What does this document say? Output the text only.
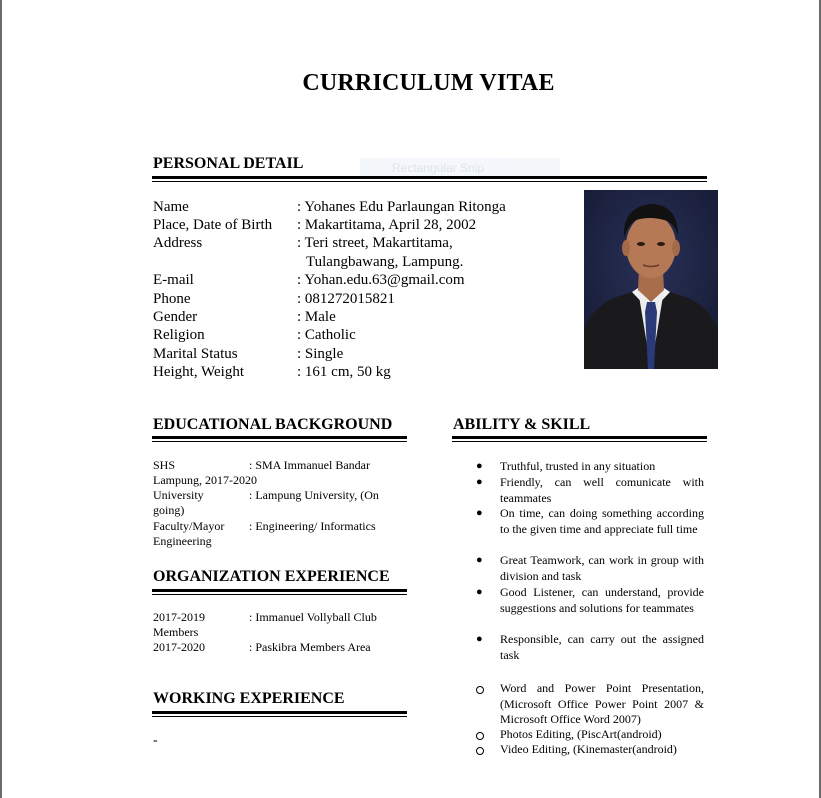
CURRICULUM VITAE
PERSONAL DETAIL	Rectangular Snip
Name	: Yohanes Edu Parlaungan Ritonga
Place, Date of Birth : Makartitama, April 28, 2002
Address	: Teri street, Makartitama,
Tulangbawang, Lampung.
E-mail	: Yohan.edu.63@gmail.com
Phone	: 081272015821
Gender	: Male
Religion	: Catholic
Marital Status	: Single
Height, Weight	: 161 cm, 50 kg
EDUCATIONAL BACKGROUND
SHS	: SMA Immanuel Bandar
Lampung, 2017-2020
University	: Lampung University, (On
going)
Faculty/Mayor : Engineering/ Informatics
Engineering
ORGANIZATION EXPERIENCE
2017-2019	: Immanuel Vollyball Club
Members
2017-2020	: Paskibra Members Area
WORKING EXPERIENCE
-
ABILITY & SKILL
● Truthful, trusted in any situation
● Friendly, can well comunicate with teammates
● On time, can doing something according to the given time and appreciate full time
● Great Teamwork, can work in group with division and task
● Good Listener, can understand, provide suggestions and solutions for teammates
● Responsible, can carry out the assigned task
Word and Power Point Presentation, (Microsoft Office Power Point 2007 & Microsoft Office Word 2007)
Photos Editing, (PiscArt(android)
Video Editing, (Kinemaster(android)
